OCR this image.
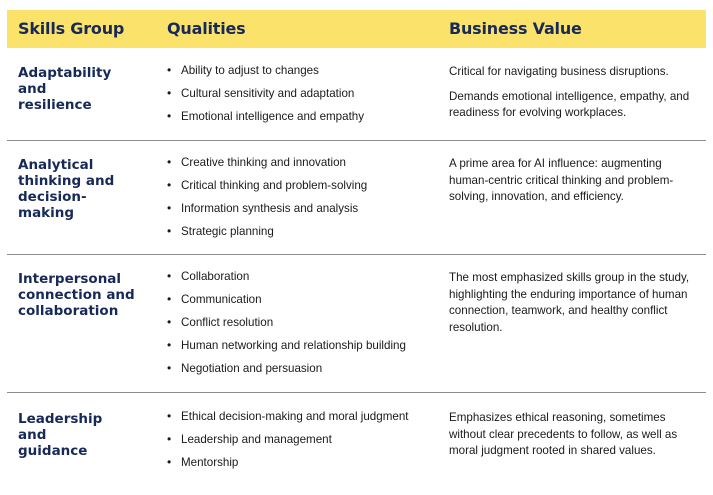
Skills Group	Qualities	Business Value
Adaptability and resilience
• Ability to adjust to changes
• Cultural sensitivity and adaptation
• Emotional intelligence and empathy

Critical for navigating business disruptions.

Demands emotional intelligence, empathy, and readiness for evolving workplaces.

Analytical thinking and decision-making
• Creative thinking and innovation
• Critical thinking and problem-solving
• Information synthesis and analysis
• Strategic planning

A prime area for AI influence: augmenting human-centric critical thinking and problem-solving, innovation, and efficiency.

Interpersonal connection and collaboration
• Collaboration
• Communication
• Conflict resolution
• Human networking and relationship building
• Negotiation and persuasion

The most emphasized skills group in the study, highlighting the enduring importance of human connection, teamwork, and healthy conflict resolution.

Leadership and guidance
• Ethical decision-making and moral judgment
• Leadership and management
• Mentorship

Emphasizes ethical reasoning, sometimes without clear precedents to follow, as well as moral judgment rooted in shared values.
